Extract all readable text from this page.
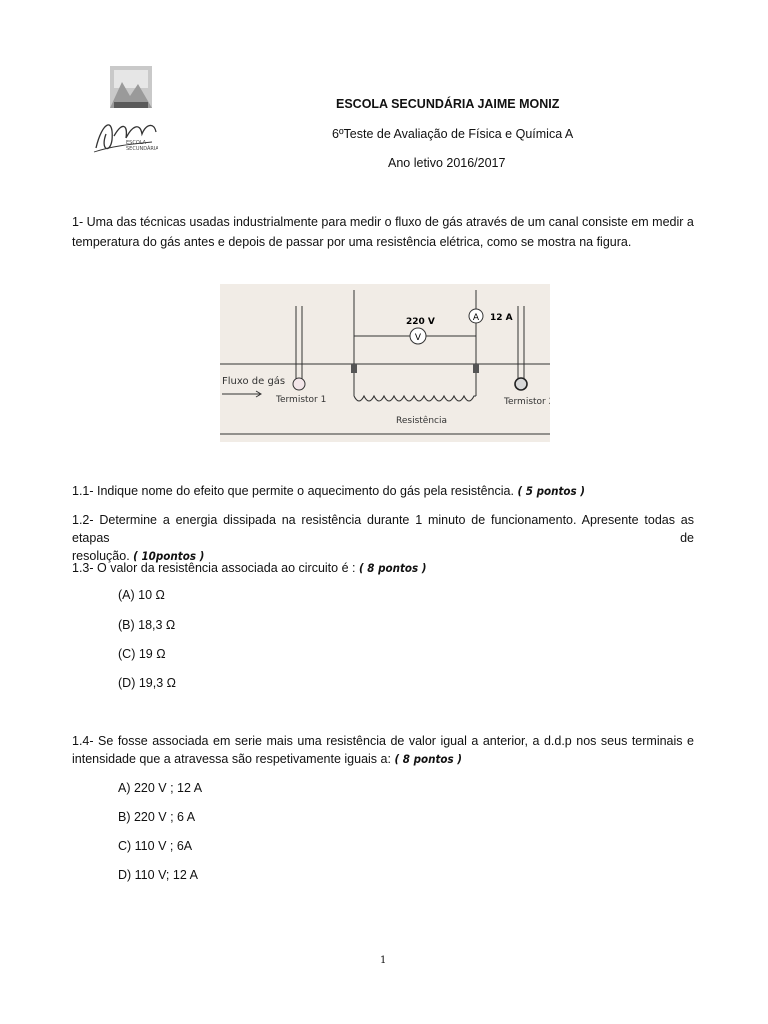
ESCOLA
SECUNDÁRIA
ESCOLA SECUNDÁRIA JAIME MONIZ
6ºTeste de Avaliação de Física e Química A
Ano letivo 2016/2017
1- Uma das técnicas usadas industrialmente para medir o fluxo de gás através de um canal consiste em medir a
temperatura do gás antes e depois de passar por uma resistência elétrica, como se mostra na figura.
V
220 V	A 12 A
Fluxo de gás
Termistor 1	Termistor 2
Resistência
1.1- Indique nome do efeito que permite o aquecimento do gás pela resistência. ( 5 pontos )
1.2- Determine a energia dissipada na resistência durante 1 minuto de funcionamento. Apresente todas as etapas de
resolução. ( 10pontos )
1.3- O valor da resistência associada ao circuito é : ( 8 pontos )
(A) 10 Ω
(B) 18,3 Ω
(C) 19 Ω
(D) 19,3 Ω
1.4- Se fosse associada em serie mais uma resistência de valor igual a anterior, a d.d.p nos seus terminais e
intensidade que a atravessa são respetivamente iguais a: ( 8 pontos )
A) 220 V ; 12 A
B) 220 V ; 6 A
C) 110 V ; 6A
D) 110 V; 12 A
1
